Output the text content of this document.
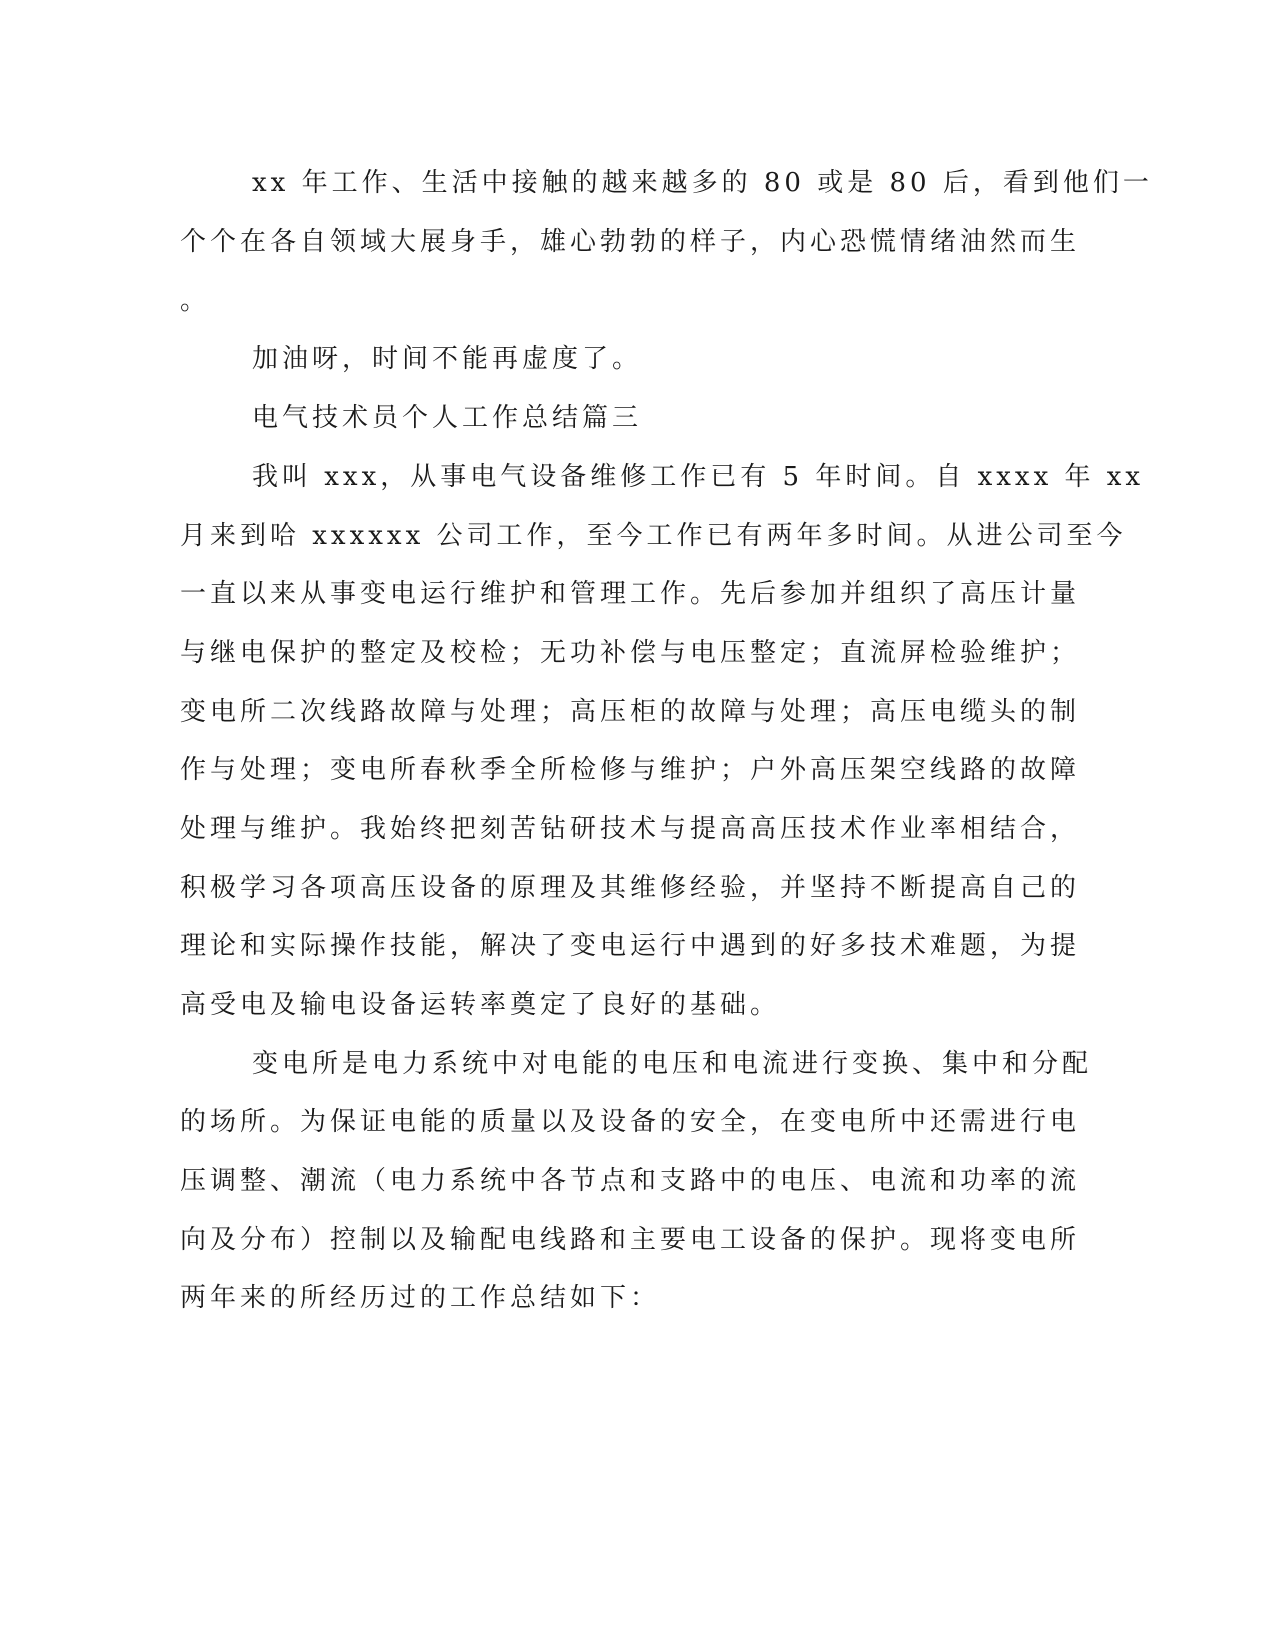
xx 年工作、生活中接触的越来越多的 80 或是 80 后，看到他们一
个个在各自领域大展身手，雄心勃勃的样子，内心恐慌情绪油然而生
。
加油呀，时间不能再虚度了。
电气技术员个人工作总结篇三
我叫 xxx，从事电气设备维修工作已有 5 年时间。自 xxxx 年 xx
月来到哈 xxxxxx 公司工作，至今工作已有两年多时间。从进公司至今
一直以来从事变电运行维护和管理工作。先后参加并组织了高压计量
与继电保护的整定及校检；无功补偿与电压整定；直流屏检验维护；
变电所二次线路故障与处理；高压柜的故障与处理；高压电缆头的制
作与处理；变电所春秋季全所检修与维护；户外高压架空线路的故障
处理与维护。我始终把刻苦钻研技术与提高高压技术作业率相结合，
积极学习各项高压设备的原理及其维修经验，并坚持不断提高自己的
理论和实际操作技能，解决了变电运行中遇到的好多技术难题，为提
高受电及输电设备运转率奠定了良好的基础。
变电所是电力系统中对电能的电压和电流进行变换、集中和分配
的场所。为保证电能的质量以及设备的安全，在变电所中还需进行电
压调整、潮流（电力系统中各节点和支路中的电压、电流和功率的流
向及分布）控制以及输配电线路和主要电工设备的保护。现将变电所
两年来的所经历过的工作总结如下：
